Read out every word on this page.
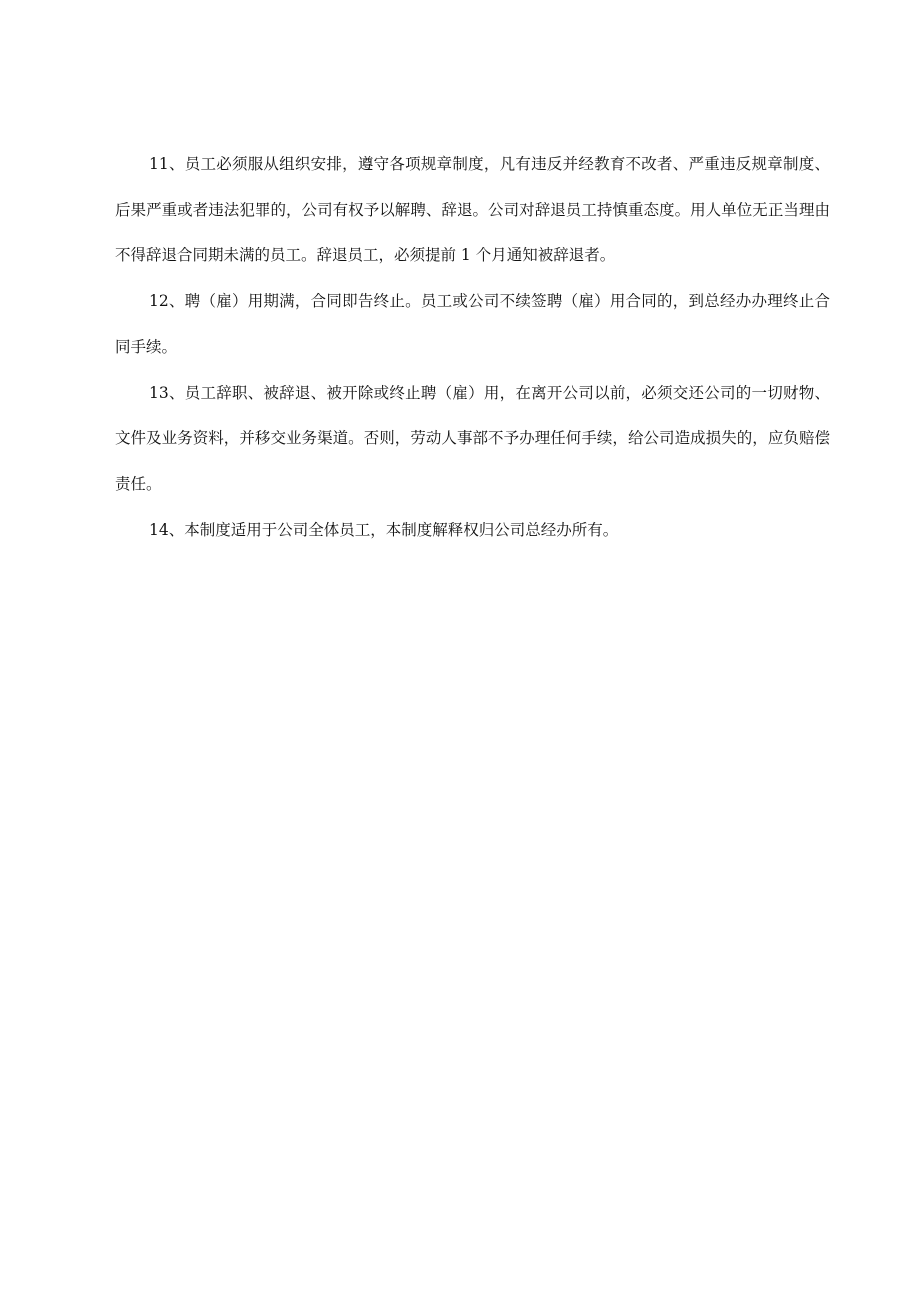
11、员工必须服从组织安排，遵守各项规章制度，凡有违反并经教育不改者、严重违反规章制度、后果严重或者违法犯罪的，公司有权予以解聘、辞退。公司对辞退员工持慎重态度。用人单位无正当理由不得辞退合同期未满的员工。辞退员工，必须提前 1 个月通知被辞退者。

12、聘（雇）用期满，合同即告终止。员工或公司不续签聘（雇）用合同的，到总经办办理终止合同手续。

13、员工辞职、被辞退、被开除或终止聘（雇）用，在离开公司以前，必须交还公司的一切财物、文件及业务资料，并移交业务渠道。否则，劳动人事部不予办理任何手续，给公司造成损失的，应负赔偿责任。

14、本制度适用于公司全体员工，本制度解释权归公司总经办所有。
